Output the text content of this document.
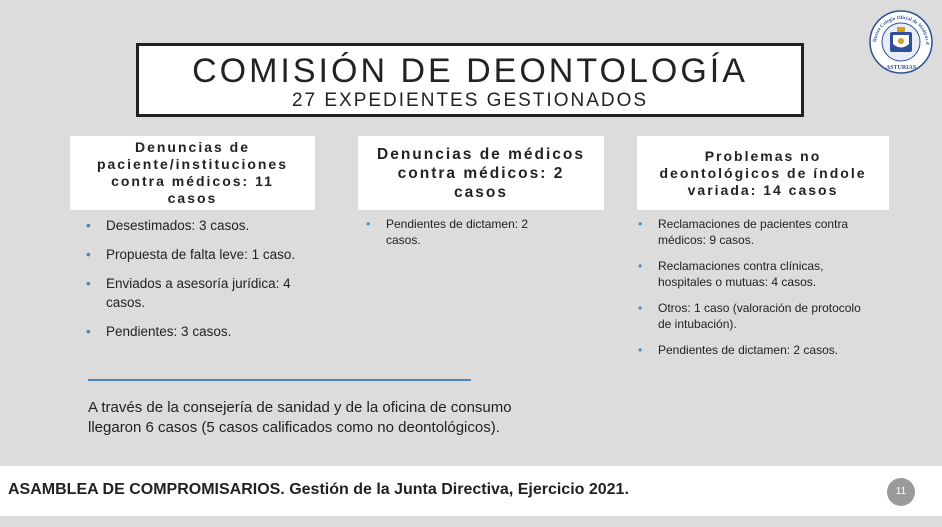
COMISIÓN DE DEONTOLOGÍA
27 EXPEDIENTES GESTIONADOS
Ilustre Colegio Oficial de Médicos d
ASTURIAS
Denuncias de paciente/instituciones contra médicos: 11 casos
Denuncias de médicos contra médicos: 2 casos
Problemas no deontológicos de índole variada: 14 casos
• Desestimados: 3 casos.
• Propuesta de falta leve: 1 caso.
• Enviados a asesoría jurídica: 4 casos.
• Pendientes: 3 casos.
• Pendientes de dictamen: 2 casos.
• Reclamaciones de pacientes contra médicos: 9 casos.
• Reclamaciones contra clínicas, hospitales o mutuas: 4 casos.
• Otros: 1 caso (valoración de protocolo de intubación).
• Pendientes de dictamen: 2 casos.
A través de la consejería de sanidad y de la oficina de consumo llegaron 6 casos (5 casos calificados como no deontológicos).
ASAMBLEA DE COMPROMISARIOS. Gestión de la Junta Directiva, Ejercicio 2021.	11
